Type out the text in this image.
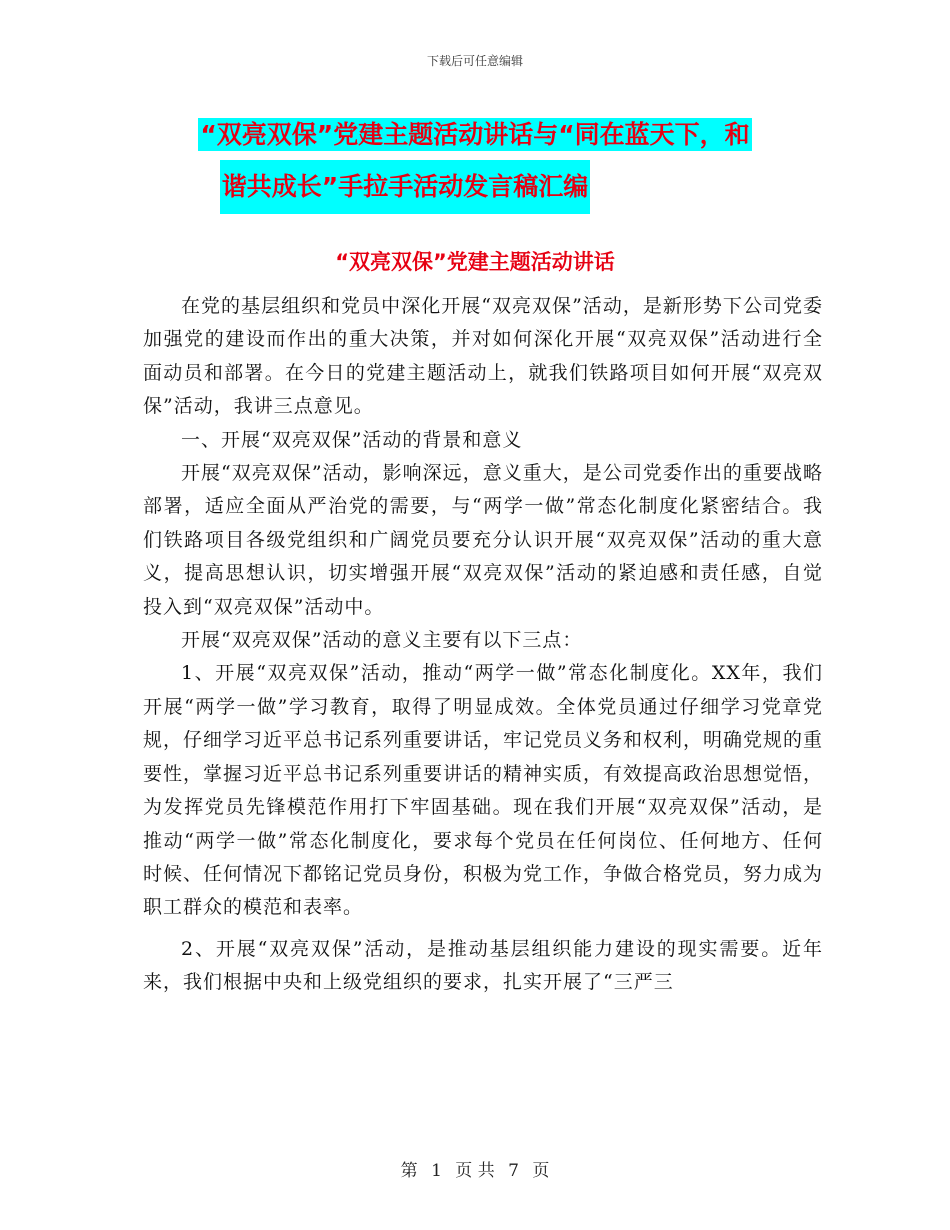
下载后可任意编辑
“双亮双保”党建主题活动讲话与“同在蓝天下，和
谐共成长”手拉手活动发言稿汇编
“双亮双保”党建主题活动讲话

在党的基层组织和党员中深化开展“双亮双保”活动，是新形势下公司党委加强党的建设而作出的重大决策，并对如何深化开展“双亮双保”活动进行全面动员和部署。在今日的党建主题活动上，就我们铁路项目如何开展“双亮双保”活动，我讲三点意见。

一、开展“双亮双保”活动的背景和意义

开展“双亮双保”活动，影响深远，意义重大，是公司党委作出的重要战略部署，适应全面从严治党的需要，与“两学一做”常态化制度化紧密结合。我们铁路项目各级党组织和广阔党员要充分认识开展“双亮双保”活动的重大意义，提高思想认识，切实增强开展“双亮双保”活动的紧迫感和责任感，自觉投入到“双亮双保”活动中。

开展“双亮双保”活动的意义主要有以下三点：

1、开展“双亮双保”活动，推动“两学一做”常态化制度化。XX年，我们开展“两学一做”学习教育，取得了明显成效。全体党员通过仔细学习党章党规，仔细学习近平总书记系列重要讲话，牢记党员义务和权利，明确党规的重要性，掌握习近平总书记系列重要讲话的精神实质，有效提高政治思想觉悟，为发挥党员先锋模范作用打下牢固基础。现在我们开展“双亮双保”活动，是推动“两学一做”常态化制度化，要求每个党员在任何岗位、任何地方、任何时候、任何情况下都铭记党员身份，积极为党工作，争做合格党员，努力成为职工群众的模范和表率。

2、开展“双亮双保”活动，是推动基层组织能力建设的现实需要。近年来，我们根据中央和上级党组织的要求，扎实开展了“三严三

第 1 页 共 7 页
